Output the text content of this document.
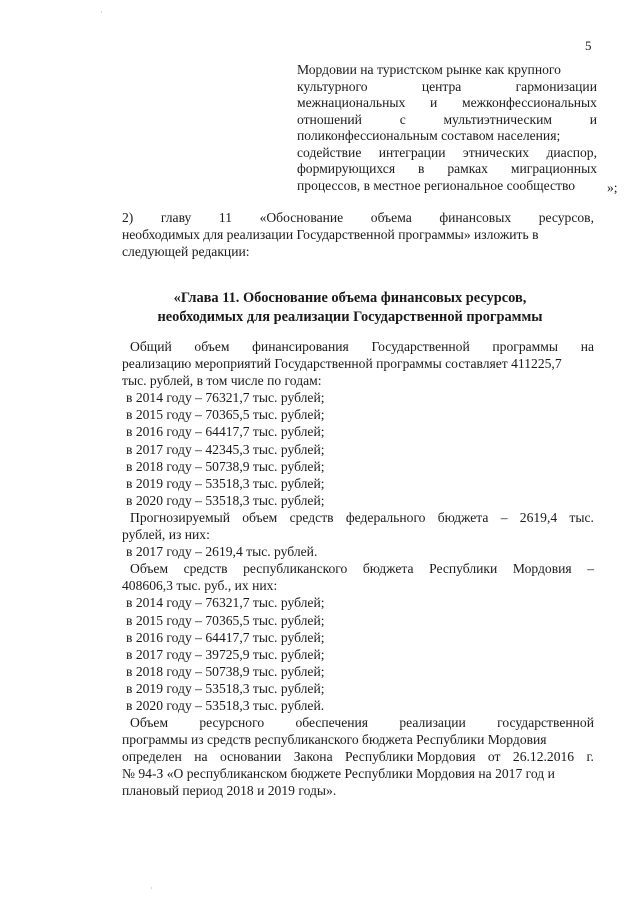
5
Мордовии на туристском рынке как крупного
культурного	центра	гармонизации
межнациональных и межконфессиональных
отношений	с	мультиэтническим	и
поликонфессиональным составом населения;
содействие интеграции этнических диаспор,
формирующихся в рамках миграционных
процессов, в местное региональное сообщество	»;
2) главу 11 «Обоснование объема финансовых ресурсов,
необходимых для реализации Государственной программы» изложить в
следующей редакции:
«Глава 11. Обоснование объема финансовых ресурсов,
необходимых для реализации Государственной программы
Общий объем финансирования Государственной программы на
реализацию мероприятий Государственной программы составляет 411225,7
тыс. рублей, в том числе по годам:
в 2014 году – 76321,7 тыс. рублей;
в 2015 году – 70365,5 тыс. рублей;
в 2016 году – 64417,7 тыс. рублей;
в 2017 году – 42345,3 тыс. рублей;
в 2018 году – 50738,9 тыс. рублей;
в 2019 году – 53518,3 тыс. рублей;
в 2020 году – 53518,3 тыс. рублей;
Прогнозируемый объем средств федерального бюджета – 2619,4 тыс.
рублей, из них:
в 2017 году – 2619,4 тыс. рублей.
Объем средств республиканского бюджета Республики Мордовия –
408606,3 тыс. руб., их них:
в 2014 году – 76321,7 тыс. рублей;
в 2015 году – 70365,5 тыс. рублей;
в 2016 году – 64417,7 тыс. рублей;
в 2017 году – 39725,9 тыс. рублей;
в 2018 году – 50738,9 тыс. рублей;
в 2019 году – 53518,3 тыс. рублей;
в 2020 году – 53518,3 тыс. рублей.
Объем ресурсного обеспечения реализации государственной
программы из средств республиканского бюджета Республики Мордовия
определен на основании Закона Республики Мордовия от 26.12.2016 г.
№ 94-З «О республиканском бюджете Республики Мордовия на 2017 год и
плановый период 2018 и 2019 годы».
·
·
